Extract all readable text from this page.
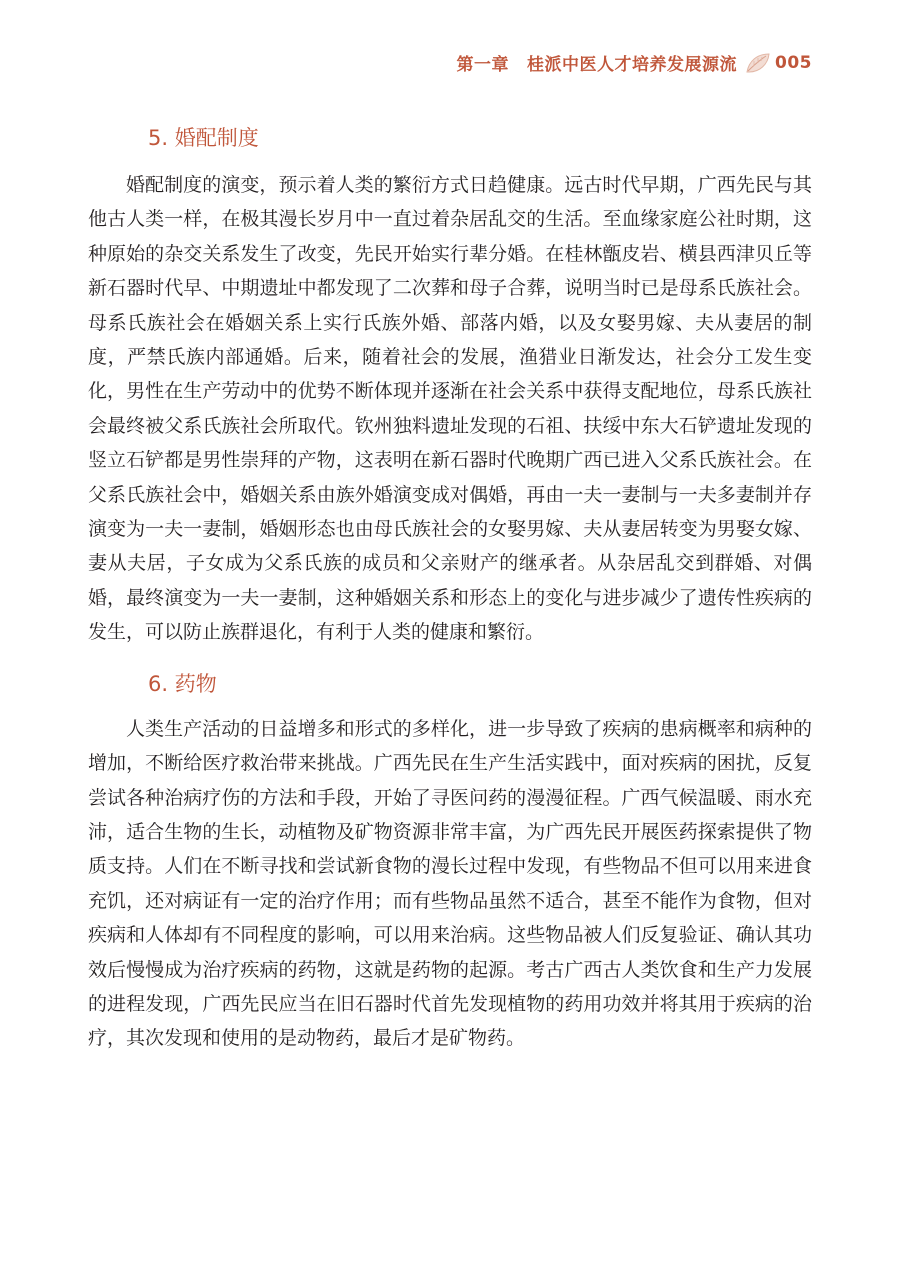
第一章 桂派中医人才培养发展源流 005
5. 婚配制度

婚配制度的演变，预示着人类的繁衍方式日趋健康。远古时代早期，广西先民与其他古人类一样，在极其漫长岁月中一直过着杂居乱交的生活。至血缘家庭公社时期，这种原始的杂交关系发生了改变，先民开始实行辈分婚。在桂林甑皮岩、横县西津贝丘等新石器时代早、中期遗址中都发现了二次葬和母子合葬，说明当时已是母系氏族社会。母系氏族社会在婚姻关系上实行氏族外婚、部落内婚，以及女娶男嫁、夫从妻居的制度，严禁氏族内部通婚。后来，随着社会的发展，渔猎业日渐发达，社会分工发生变化，男性在生产劳动中的优势不断体现并逐渐在社会关系中获得支配地位，母系氏族社会最终被父系氏族社会所取代。钦州独料遗址发现的石祖、扶绥中东大石铲遗址发现的竖立石铲都是男性崇拜的产物，这表明在新石器时代晚期广西已进入父系氏族社会。在父系氏族社会中，婚姻关系由族外婚演变成对偶婚，再由一夫一妻制与一夫多妻制并存演变为一夫一妻制，婚姻形态也由母氏族社会的女娶男嫁、夫从妻居转变为男娶女嫁、妻从夫居，子女成为父系氏族的成员和父亲财产的继承者。从杂居乱交到群婚、对偶婚，最终演变为一夫一妻制，这种婚姻关系和形态上的变化与进步减少了遗传性疾病的发生，可以防止族群退化，有利于人类的健康和繁衍。

6. 药物

人类生产活动的日益增多和形式的多样化，进一步导致了疾病的患病概率和病种的增加，不断给医疗救治带来挑战。广西先民在生产生活实践中，面对疾病的困扰，反复尝试各种治病疗伤的方法和手段，开始了寻医问药的漫漫征程。广西气候温暖、雨水充沛，适合生物的生长，动植物及矿物资源非常丰富，为广西先民开展医药探索提供了物质支持。人们在不断寻找和尝试新食物的漫长过程中发现，有些物品不但可以用来进食充饥，还对病证有一定的治疗作用；而有些物品虽然不适合，甚至不能作为食物，但对疾病和人体却有不同程度的影响，可以用来治病。这些物品被人们反复验证、确认其功效后慢慢成为治疗疾病的药物，这就是药物的起源。考古广西古人类饮食和生产力发展的进程发现，广西先民应当在旧石器时代首先发现植物的药用功效并将其用于疾病的治疗，其次发现和使用的是动物药，最后才是矿物药。
